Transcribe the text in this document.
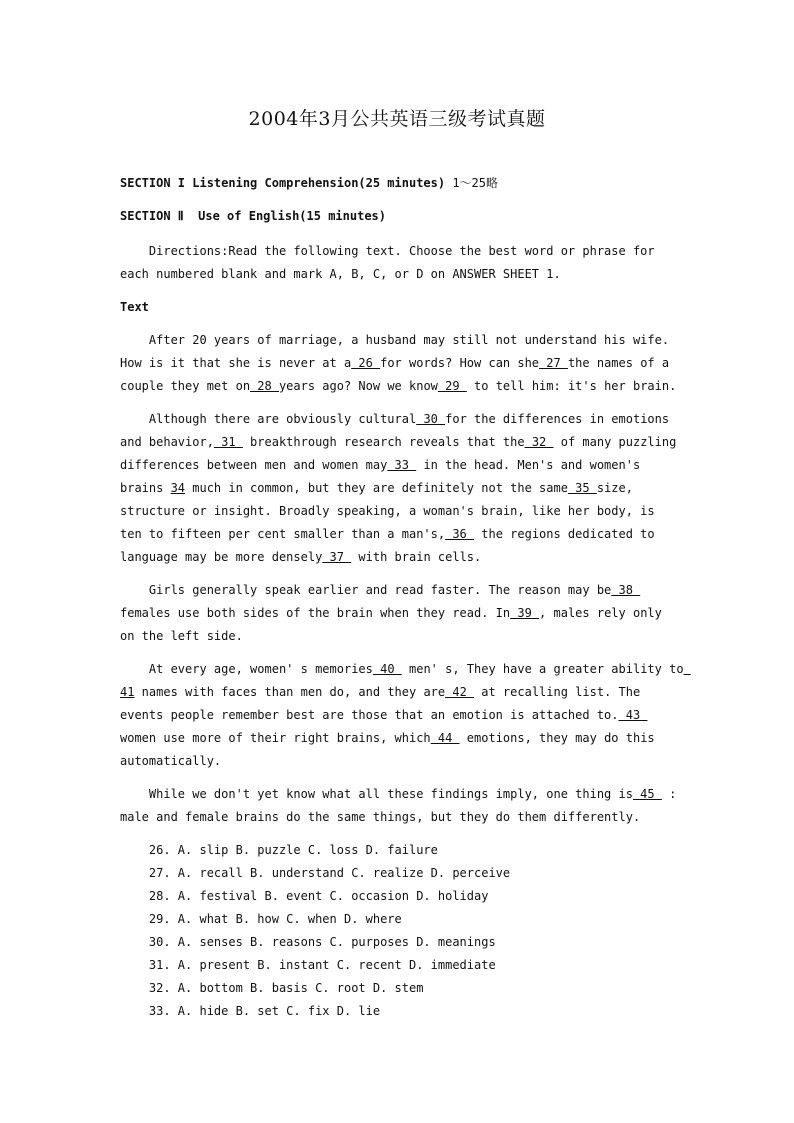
2004年3月公共英语三级考试真题
SECTION I Listening Comprehension(25 minutes) 1～25略
SECTION Ⅱ  Use of English(15 minutes)
Directions:Read the following text. Choose the best word or phrase for
each numbered blank and mark A, B, C, or D on ANSWER SHEET 1.
Text
After 20 years of marriage, a husband may still not understand his wife.
How is it that she is never at a 26 for words? How can she 27 the names of a
couple they met on 28 years ago? Now we know 29  to tell him: it's her brain.
Although there are obviously cultural 30 for the differences in emotions
and behavior, 31  breakthrough research reveals that the 32  of many puzzling
differences between men and women may 33  in the head. Men's and women's
brains 34 much in common, but they are definitely not the same 35 size,
structure or insight. Broadly speaking, a woman's brain, like her body, is
ten to fifteen per cent smaller than a man's, 36  the regions dedicated to
language may be more densely 37  with brain cells.
Girls generally speak earlier and read faster. The reason may be 38
females use both sides of the brain when they read. In 39 , males rely only
on the left side.
At every age, women' s memories 40  men' s, They have a greater ability to
41 names with faces than men do, and they are 42  at recalling list. The
events people remember best are those that an emotion is attached to. 43
women use more of their right brains, which 44  emotions, they may do this
automatically.
While we don't yet know what all these findings imply, one thing is 45  :
male and female brains do the same things, but they do them differently.
26. A. slip B. puzzle C. loss D. failure
27. A. recall B. understand C. realize D. perceive
28. A. festival B. event C. occasion D. holiday
29. A. what B. how C. when D. where
30. A. senses B. reasons C. purposes D. meanings
31. A. present B. instant C. recent D. immediate
32. A. bottom B. basis C. root D. stem
33. A. hide B. set C. fix D. lie
